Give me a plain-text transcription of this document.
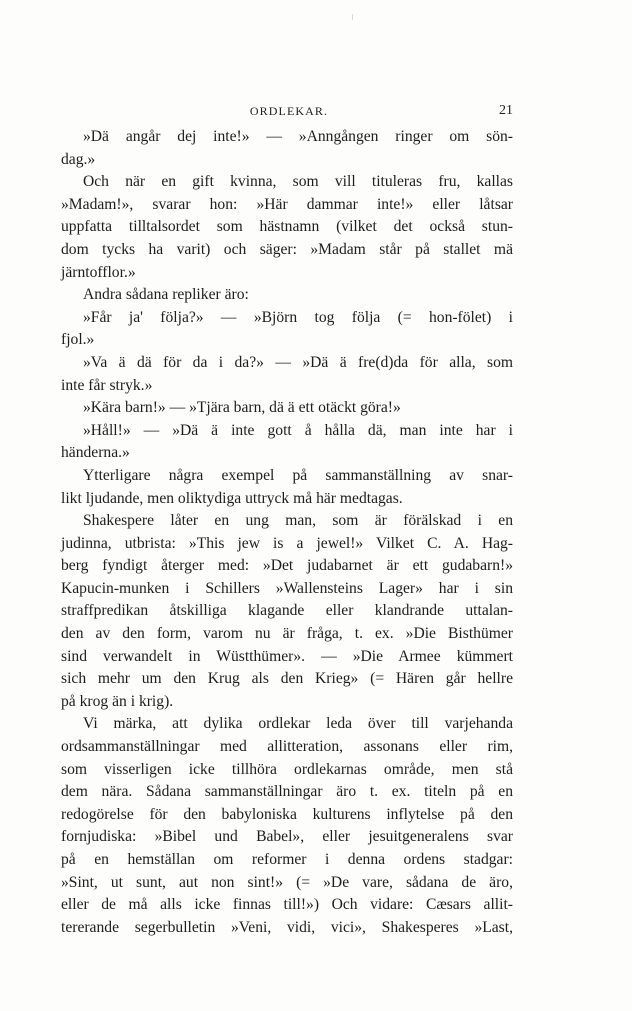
ORDLEKAR.	21
»Dä angår dej inte!» — »Anngången ringer om sön-
dag.»
Och när en gift kvinna, som vill tituleras fru, kallas
»Madam!», svarar hon: »Här dammar inte!» eller låtsar
uppfatta tilltalsordet som hästnamn (vilket det också stun-
dom tycks ha varit) och säger: »Madam står på stallet mä
järntofflor.»
Andra sådana repliker äro:
»Får ja' följa?» — »Björn tog följa (= hon-fölet) i
fjol.»
»Va ä dä för da i da?» — »Dä ä fre(d)da för alla, som
inte får stryk.»
»Kära barn!» — »Tjära barn, dä ä ett otäckt göra!»
»Håll!» — »Dä ä inte gott å hålla dä, man inte har i
händerna.»
Ytterligare några exempel på sammanställning av snar-
likt ljudande, men oliktydiga uttryck må här medtagas.
Shakespere låter en ung man, som är förälskad i en
judinna, utbrista: »This jew is a jewel!» Vilket C. A. Hag-
berg fyndigt återger med: »Det judabarnet är ett gudabarn!»
Kapucin-munken i Schillers »Wallensteins Lager» har i sin
straffpredikan åtskilliga klagande eller klandrande uttalan-
den av den form, varom nu är fråga, t. ex. »Die Bisthümer
sind verwandelt in Wüstthümer». — »Die Armee kümmert
sich mehr um den Krug als den Krieg» (= Hären går hellre
på krog än i krig).
Vi märka, att dylika ordlekar leda över till varjehanda
ordsammanställningar med allitteration, assonans eller rim,
som visserligen icke tillhöra ordlekarnas område, men stå
dem nära. Sådana sammanställningar äro t. ex. titeln på en
redogörelse för den babyloniska kulturens inflytelse på den
fornjudiska: »Bibel und Babel», eller jesuitgeneralens svar
på en hemställan om reformer i denna ordens stadgar:
»Sint, ut sunt, aut non sint!» (= »De vare, sådana de äro,
eller de må alls icke finnas till!») Och vidare: Cæsars allit-
tererande segerbulletin »Veni, vidi, vici», Shakesperes »Last,
